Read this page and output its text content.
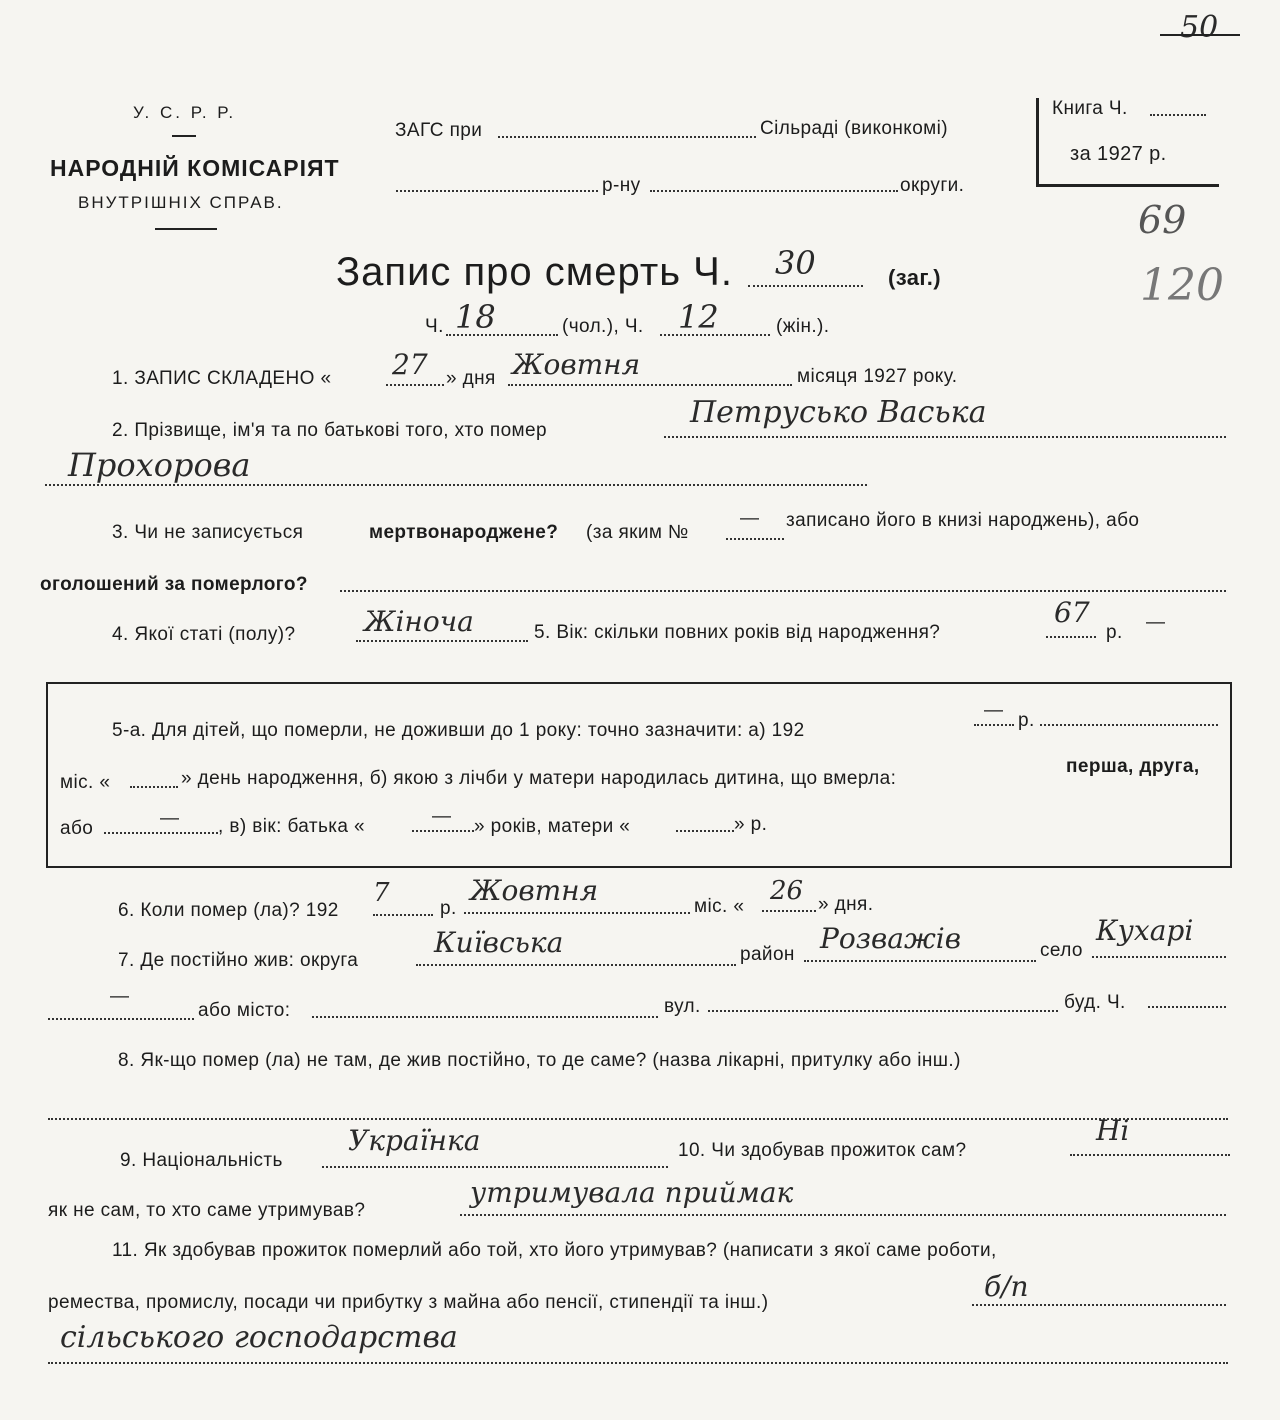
У. С. Р. Р.
НАРОДНІЙ КОМІСАРІЯТ
ВНУТРІШНІХ СПРАВ.
ЗАГС при	Сільраді (виконкомі)
р-ну	округи.
Книга Ч.
за 1927 р.
50
69
120
Запис про смерть Ч. 30	(заг.)
Ч. 18	(чол.), Ч. 12	(жін.).
1. ЗАПИС СКЛАДЕНО « 27 » дня Жовтня	місяця 1927 року.
2. Прізвище, ім'я та по батькові того, хто помер
Петрусько Васька
Прохорова
3. Чи не записується	мертвонароджене? (за яким №
— записано його в книзі народжень), або
оголошений за померлого?
4. Якої статі (полу)? Жіноча	5. Вік: скільки повних років від народження?
67
р. —
5-а. Для дітей, що померли, не доживши до 1 року: точно зазначити: а) 192
— р.
міс. «	» день народження, б) якою з лічби у матери народилась дитина, що вмерла:
перша, друга,
або	— , в) вік: батька «	— » років, матери «	» р.
6. Коли помер (ла)? 192
7
р.
Жовтня	міс. «
26 » дня.
7. Де постійно жив: округа
Київська	район Розважів	село
Кухарі
—
або місто:	вул.	буд. Ч.
8. Як-що помер (ла) не там, де жив постійно, то де саме? (назва лікарні, притулку або інш.)
9. Національність
Українка	10. Чи здобував прожиток сам?
Ні
як не сам, то хто саме утримував?
утримувала приймак
11. Як здобував прожиток померлий або той, хто його утримував? (написати з якої саме роботи,
ремества, промислу, посади чи прибутку з майна або пенсії, стипендії та інш.)	б/п
сільського господарства
